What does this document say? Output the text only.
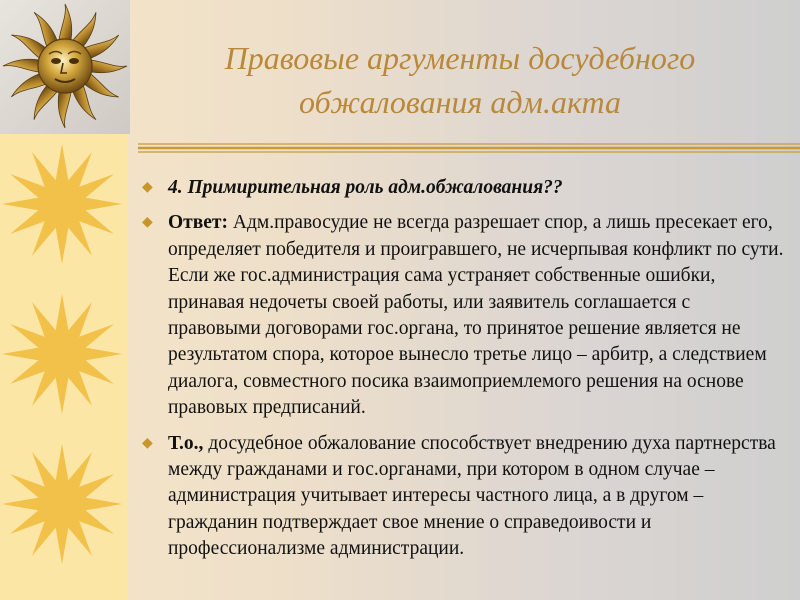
Правовые аргументы досудебного
обжалования адм.акта
◆ 4. Примирительная роль адм.обжалования??
◆ Ответ: Адм.правосудие не всегда разрешает спор, а лишь пресекает его, определяет победителя и проигравшего, не исчерпывая конфликт по сути. Если же гос.администрация сама устраняет собственные ошибки, принавая недочеты своей работы, или заявитель соглашается с правовыми договорами гос.органа, то принятое решение является не результатом спора, которое вынесло третье лицо – арбитр, а следствием диалога, совместного посика взаимоприемлемого решения на основе правовых предписаний.
◆ Т.о., досудебное обжалование способствует внедрению духа партнерства между гражданами и гос.органами, при котором в одном случае – администрация учитывает интересы частного лица, а в другом – гражданин подтверждает свое мнение о справедоивости и профессионализме администрации.
